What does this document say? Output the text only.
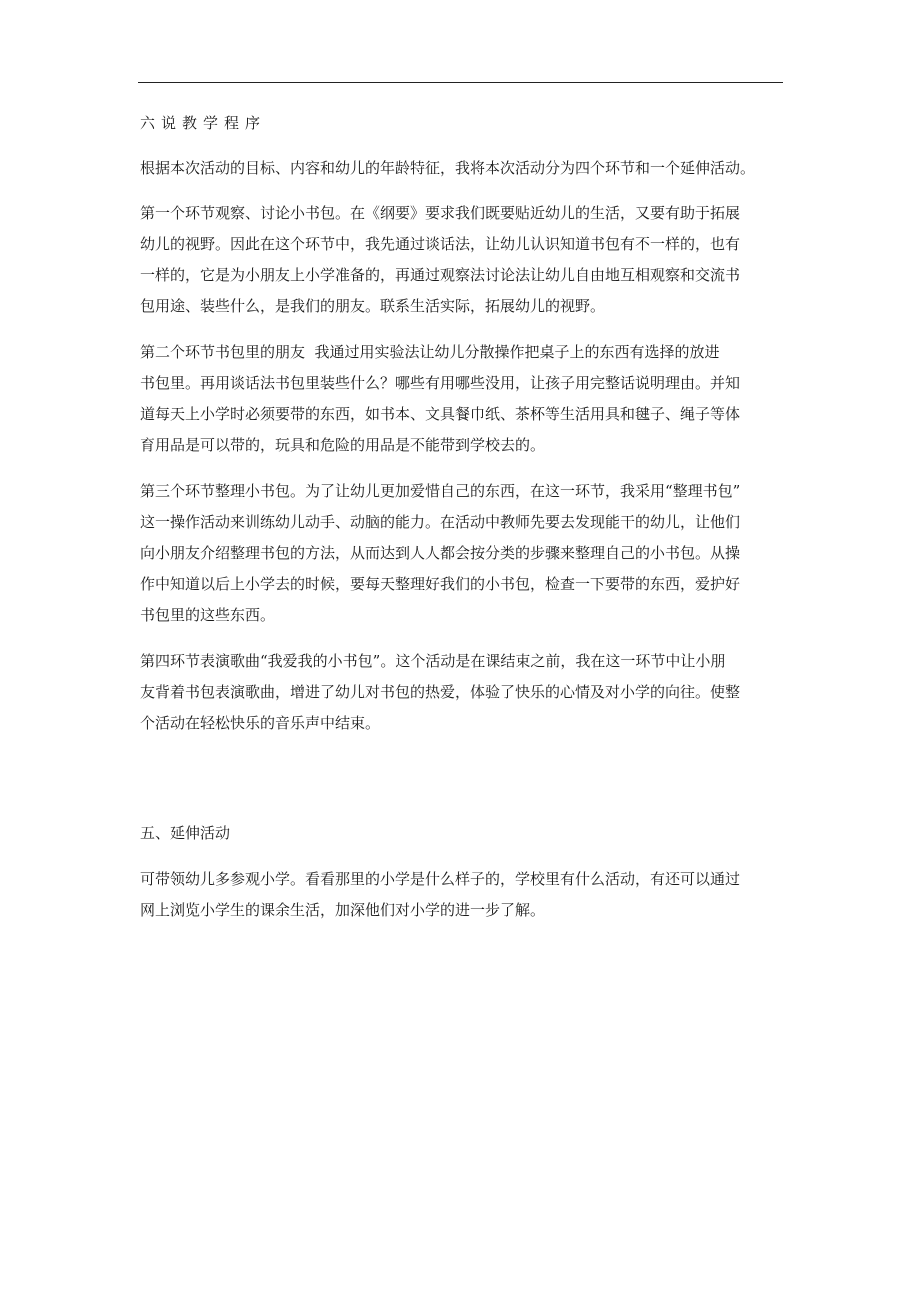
六说教学程序

根据本次活动的目标、内容和幼儿的年龄特征，我将本次活动分为四个环节和一个延伸活动。

第一个环节观察、讨论小书包。在《纲要》要求我们既要贴近幼儿的生活，又要有助于拓展
幼儿的视野。因此在这个环节中，我先通过谈话法，让幼儿认识知道书包有不一样的，也有
一样的，它是为小朋友上小学准备的，再通过观察法讨论法让幼儿自由地互相观察和交流书
包用途、装些什么，是我们的朋友。联系生活实际，拓展幼儿的视野。

第二个环节书包里的朋友  我通过用实验法让幼儿分散操作把桌子上的东西有选择的放进
书包里。再用谈话法书包里装些什么？哪些有用哪些没用，让孩子用完整话说明理由。并知
道每天上小学时必须要带的东西，如书本、文具餐巾纸、茶杯等生活用具和毽子、绳子等体
育用品是可以带的，玩具和危险的用品是不能带到学校去的。

第三个环节整理小书包。为了让幼儿更加爱惜自己的东西，在这一环节，我采用“整理书包”
这一操作活动来训练幼儿动手、动脑的能力。在活动中教师先要去发现能干的幼儿，让他们
向小朋友介绍整理书包的方法，从而达到人人都会按分类的步骤来整理自己的小书包。从操
作中知道以后上小学去的时候，要每天整理好我们的小书包，检查一下要带的东西，爱护好
书包里的这些东西。

第四环节表演歌曲“我爱我的小书包”。这个活动是在课结束之前，我在这一环节中让小朋
友背着书包表演歌曲，增进了幼儿对书包的热爱，体验了快乐的心情及对小学的向往。使整
个活动在轻松快乐的音乐声中结束。

五、延伸活动

可带领幼儿多参观小学。看看那里的小学是什么样子的，学校里有什么活动，有还可以通过
网上浏览小学生的课余生活，加深他们对小学的进一步了解。
